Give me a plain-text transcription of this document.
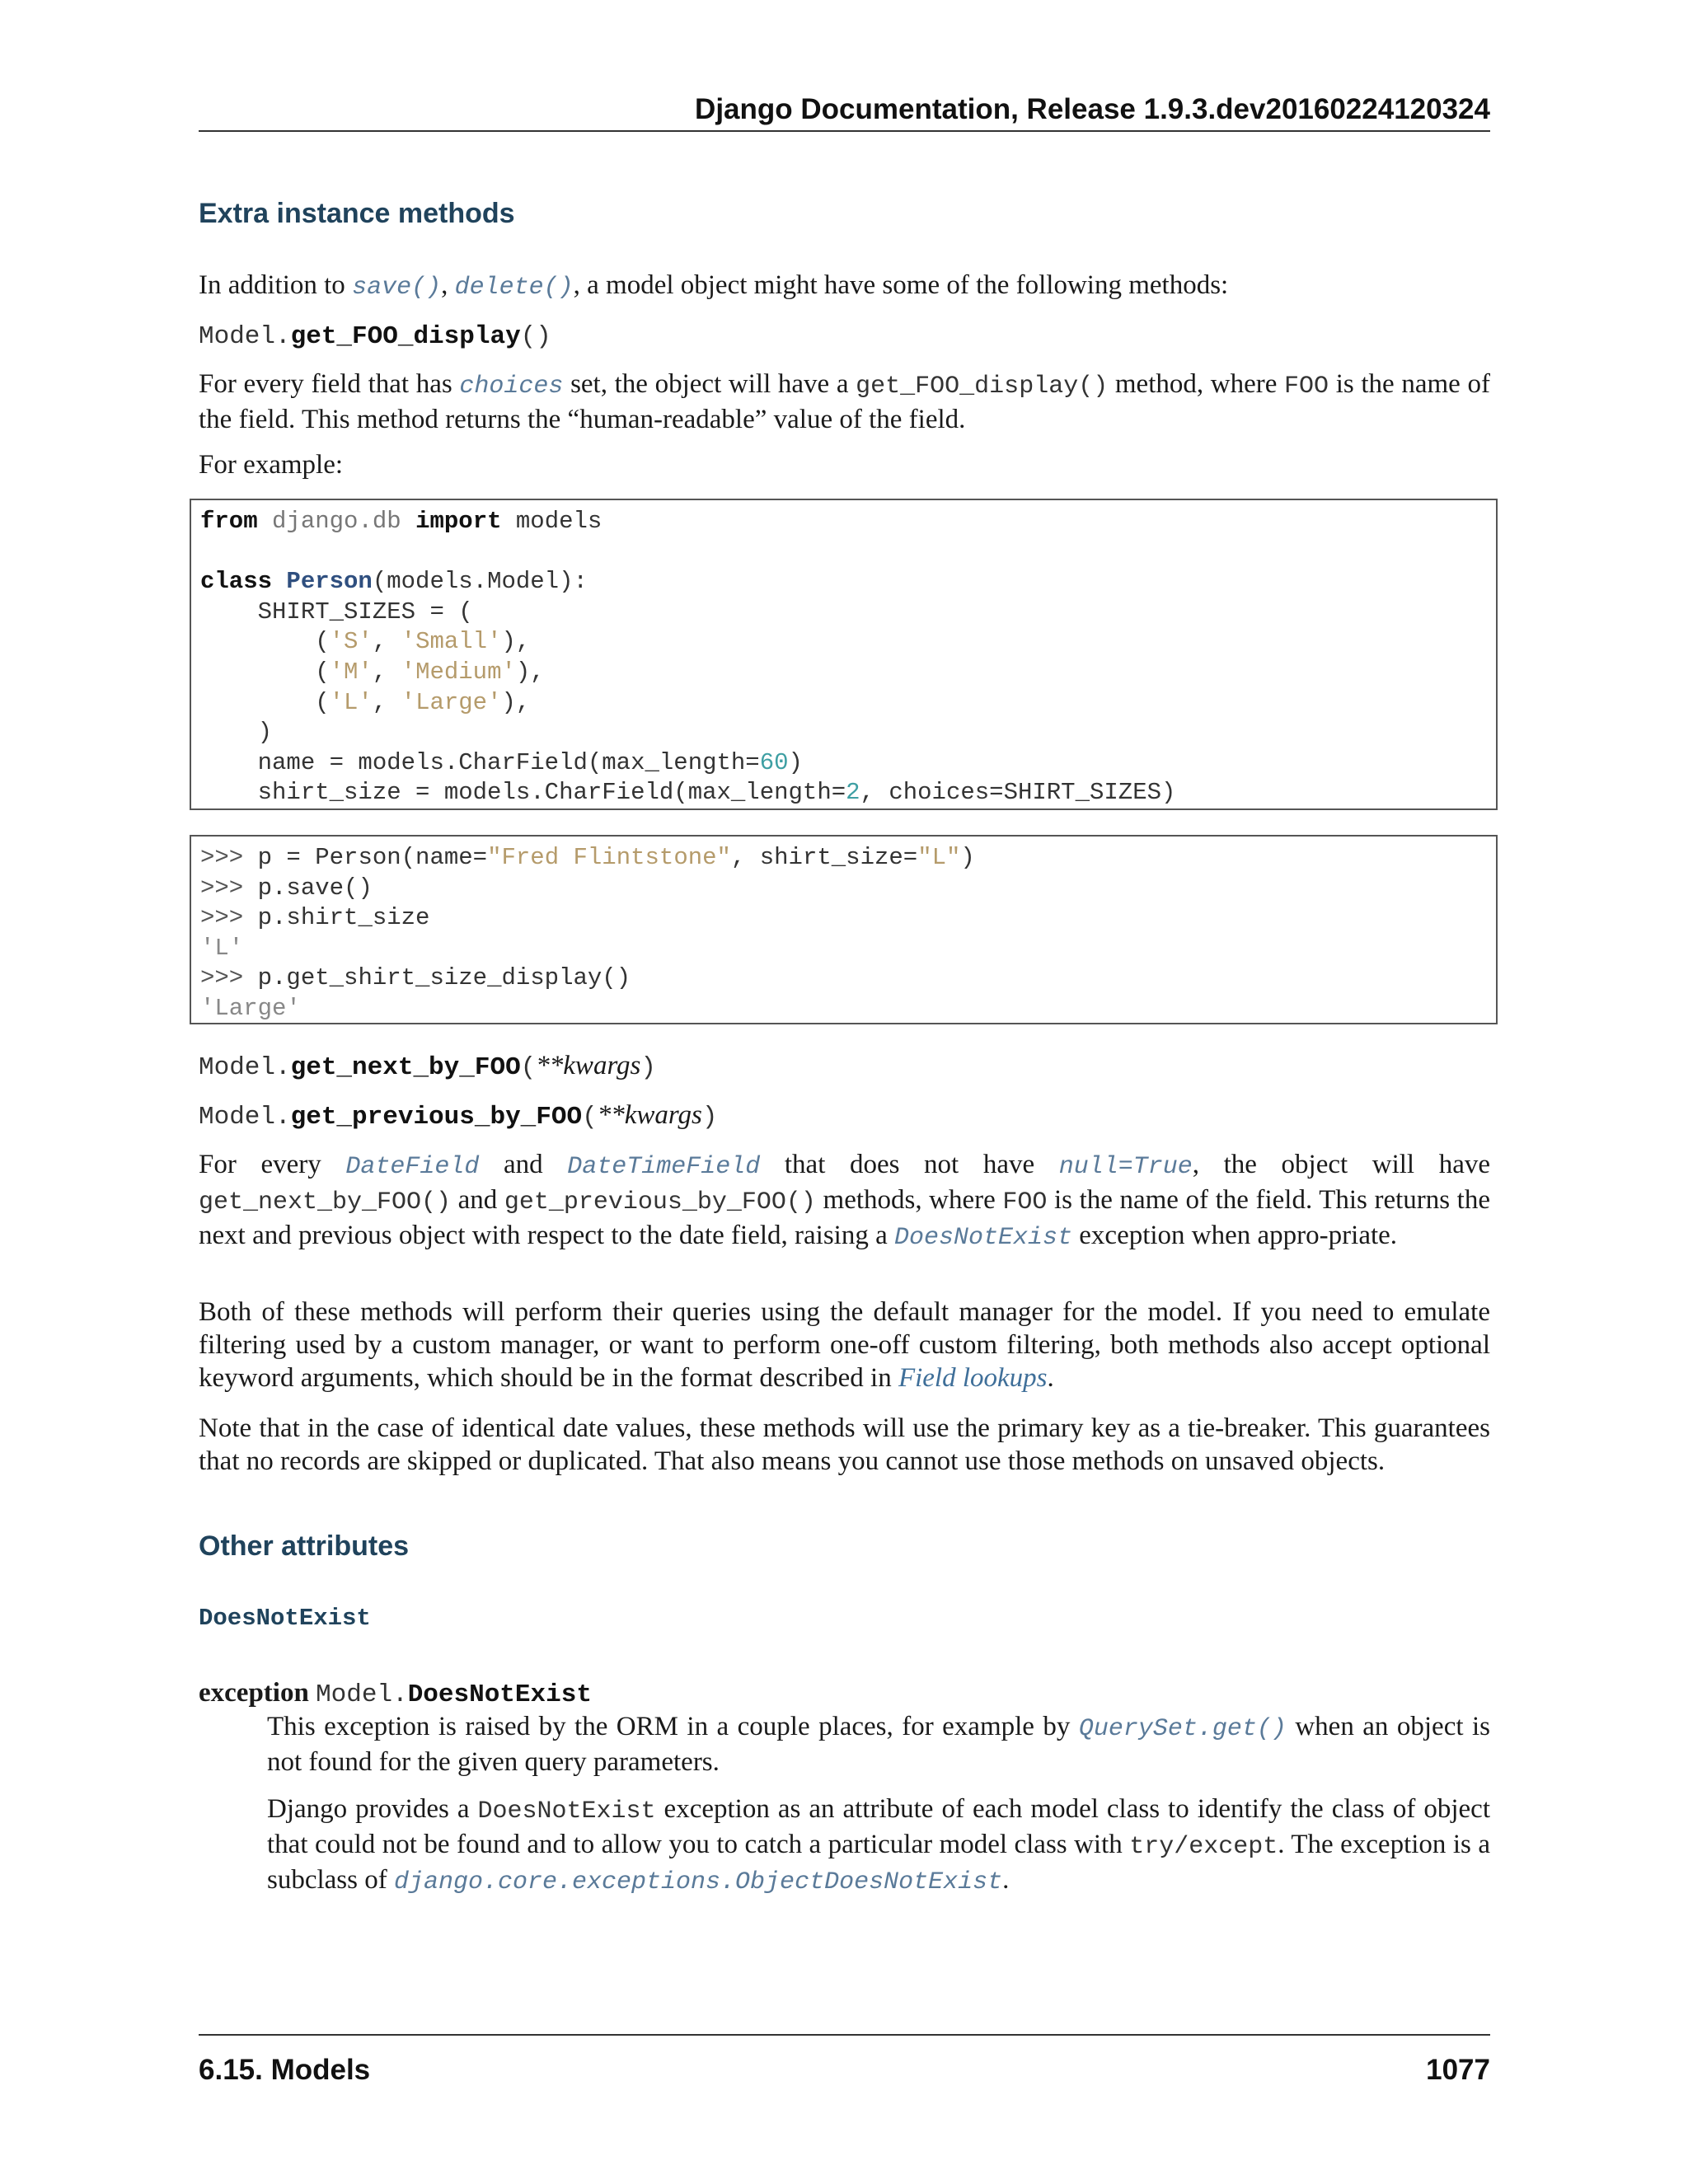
Django Documentation, Release 1.9.3.dev20160224120324
Extra instance methods
In addition to save(), delete(), a model object might have some of the following methods:
Model.get_FOO_display()
For every field that has choices set, the object will have a get_FOO_display() method, where FOO is the name of the field. This method returns the “human-readable” value of the field.
For example:
from django.db import models
class Person(models.Model):
SHIRT_SIZES = (
('S', 'Small'),
('M', 'Medium'),
('L', 'Large'),
)
name = models.CharField(max_length=60)
shirt_size = models.CharField(max_length=2, choices=SHIRT_SIZES)
>>> p = Person(name="Fred Flintstone", shirt_size="L")
>>> p.save()
>>> p.shirt_size
'L'
>>> p.get_shirt_size_display()
'Large'
Model.get_next_by_FOO(**kwargs)
Model.get_previous_by_FOO(**kwargs)
For every DateField and DateTimeField that does not have null=True, the object will have get_next_by_FOO() and get_previous_by_FOO() methods, where FOO is the name of the field. This returns the next and previous object with respect to the date field, raising a DoesNotExist exception when appro-priate.
Both of these methods will perform their queries using the default manager for the model. If you need to emulate filtering used by a custom manager, or want to perform one-off custom filtering, both methods also accept optional keyword arguments, which should be in the format described in Field lookups.
Note that in the case of identical date values, these methods will use the primary key as a tie-breaker. This guarantees that no records are skipped or duplicated. That also means you cannot use those methods on unsaved objects.
Other attributes
DoesNotExist
exception Model.DoesNotExist
This exception is raised by the ORM in a couple places, for example by QuerySet.get() when an object is not found for the given query parameters.
Django provides a DoesNotExist exception as an attribute of each model class to identify the class of object that could not be found and to allow you to catch a particular model class with try/except. The exception is a subclass of django.core.exceptions.ObjectDoesNotExist.
6.15. Models	1077
